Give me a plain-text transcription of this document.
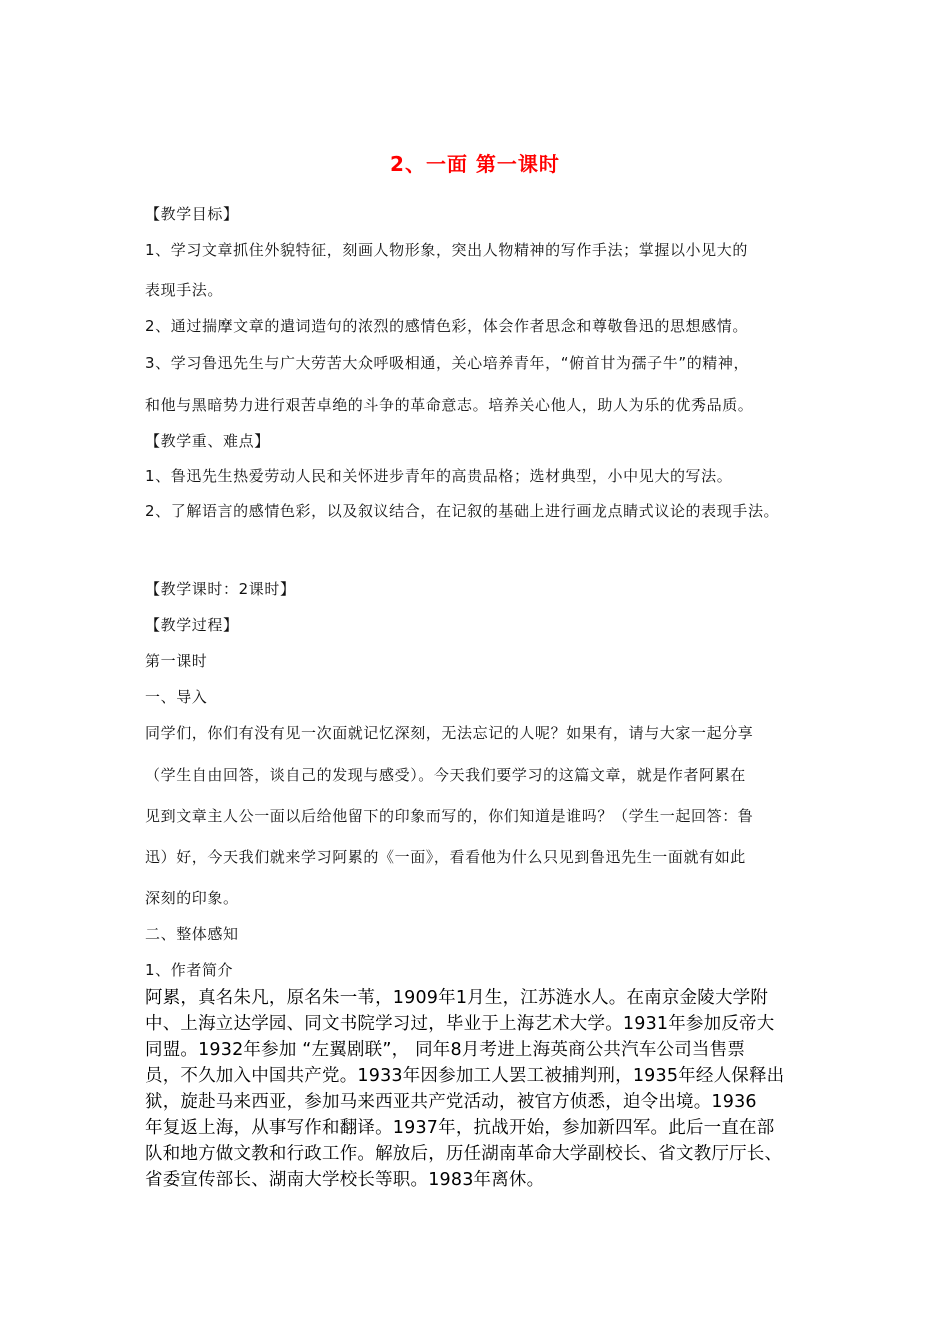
2、一面 第一课时
【教学目标】
1、学习文章抓住外貌特征，刻画人物形象，突出人物精神的写作手法；掌握以小见大的
表现手法。
2、通过揣摩文章的遣词造句的浓烈的感情色彩，体会作者思念和尊敬鲁迅的思想感情。
3、学习鲁迅先生与广大劳苦大众呼吸相通，关心培养青年，“俯首甘为孺子牛”的精神，
和他与黑暗势力进行艰苦卓绝的斗争的革命意志。培养关心他人，助人为乐的优秀品质。
【教学重、难点】
1、鲁迅先生热爱劳动人民和关怀进步青年的高贵品格；选材典型，小中见大的写法。
2、了解语言的感情色彩，以及叙议结合，在记叙的基础上进行画龙点睛式议论的表现手法。
【教学课时：2课时】
【教学过程】
第一课时
一、导入
同学们，你们有没有见一次面就记忆深刻，无法忘记的人呢？如果有，请与大家一起分享
（学生自由回答，谈自己的发现与感受）。今天我们要学习的这篇文章，就是作者阿累在
见到文章主人公一面以后给他留下的印象而写的，你们知道是谁吗？（学生一起回答：鲁
迅）好，今天我们就来学习阿累的《一面》，看看他为什么只见到鲁迅先生一面就有如此
深刻的印象。
二、整体感知
1、作者简介

阿累，真名朱凡，原名朱一苇，1909年1月生，江苏涟水人。在南京金陵大学附

中、上海立达学园、同文书院学习过，毕业于上海艺术大学。1931年参加反帝大

同盟。1932年参加 “左翼剧联”， 同年8月考进上海英商公共汽车公司当售票

员，不久加入中国共产党。1933年因参加工人罢工被捕判刑，1935年经人保释出

狱，旋赴马来西亚，参加马来西亚共产党活动，被官方侦悉，迫令出境。1936

年复返上海，从事写作和翻译。1937年，抗战开始，参加新四军。此后一直在部

队和地方做文教和行政工作。解放后，历任湖南革命大学副校长、省文教厅厅长、

省委宣传部长、湖南大学校长等职。1983年离休。
